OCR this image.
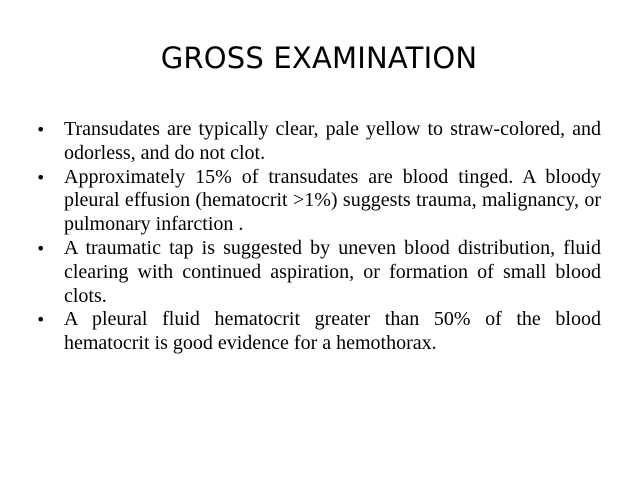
GROSS EXAMINATION
• Transudates are typically clear, pale yellow to straw-colored, and odorless, and do not clot.
• Approximately 15% of transudates are blood tinged. A bloody pleural effusion (hematocrit >1%) suggests trauma, malignancy, or pulmonary infarction .
• A traumatic tap is suggested by uneven blood distribution, fluid clearing with continued aspiration, or formation of small blood clots.
• A pleural fluid hematocrit greater than 50% of the blood hematocrit is good evidence for a hemothorax.
